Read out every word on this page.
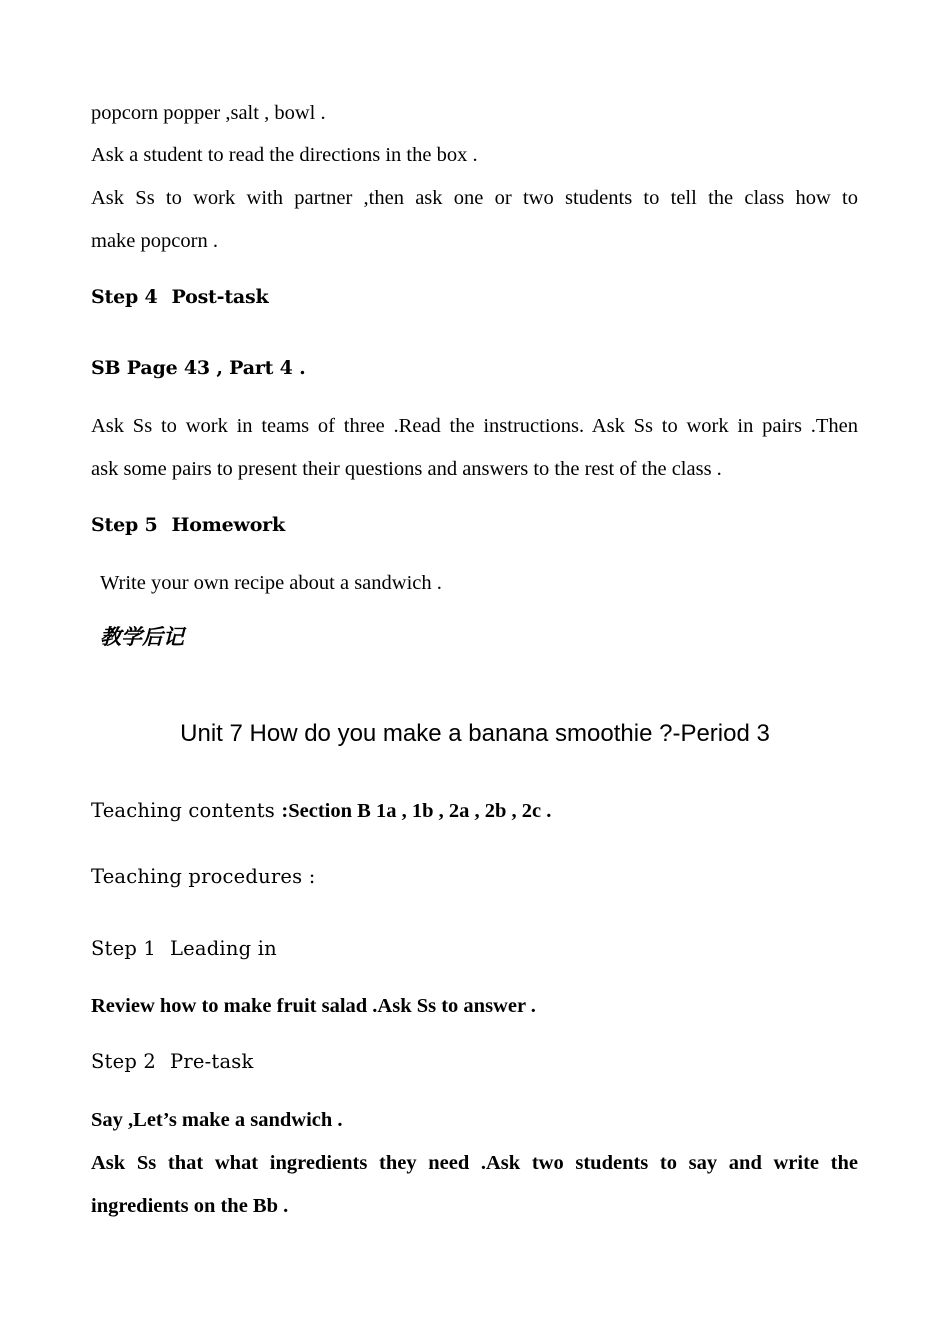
popcorn popper ,salt , bowl .

Ask a student to read the directions in the box .

Ask Ss to work with partner ,then ask one or two students to tell the class how to

make popcorn .

Step 4 Post-task

SB Page 43 , Part 4 .

Ask Ss to work in teams of three .Read the instructions. Ask Ss to work in pairs .Then

ask some pairs to present their questions and answers to the rest of the class .

Step 5 Homework

Write your own recipe about a sandwich .

教学后记

Unit 7 How do you make a banana smoothie ?-Period 3

Teaching contents :Section B 1a , 1b , 2a , 2b , 2c .

Teaching procedures :

Step 1 Leading in

Review how to make fruit salad .Ask Ss to answer .

Step 2 Pre-task

Say ,Let’s make a sandwich .

Ask Ss that what ingredients they need .Ask two students to say and write the

ingredients on the Bb .
